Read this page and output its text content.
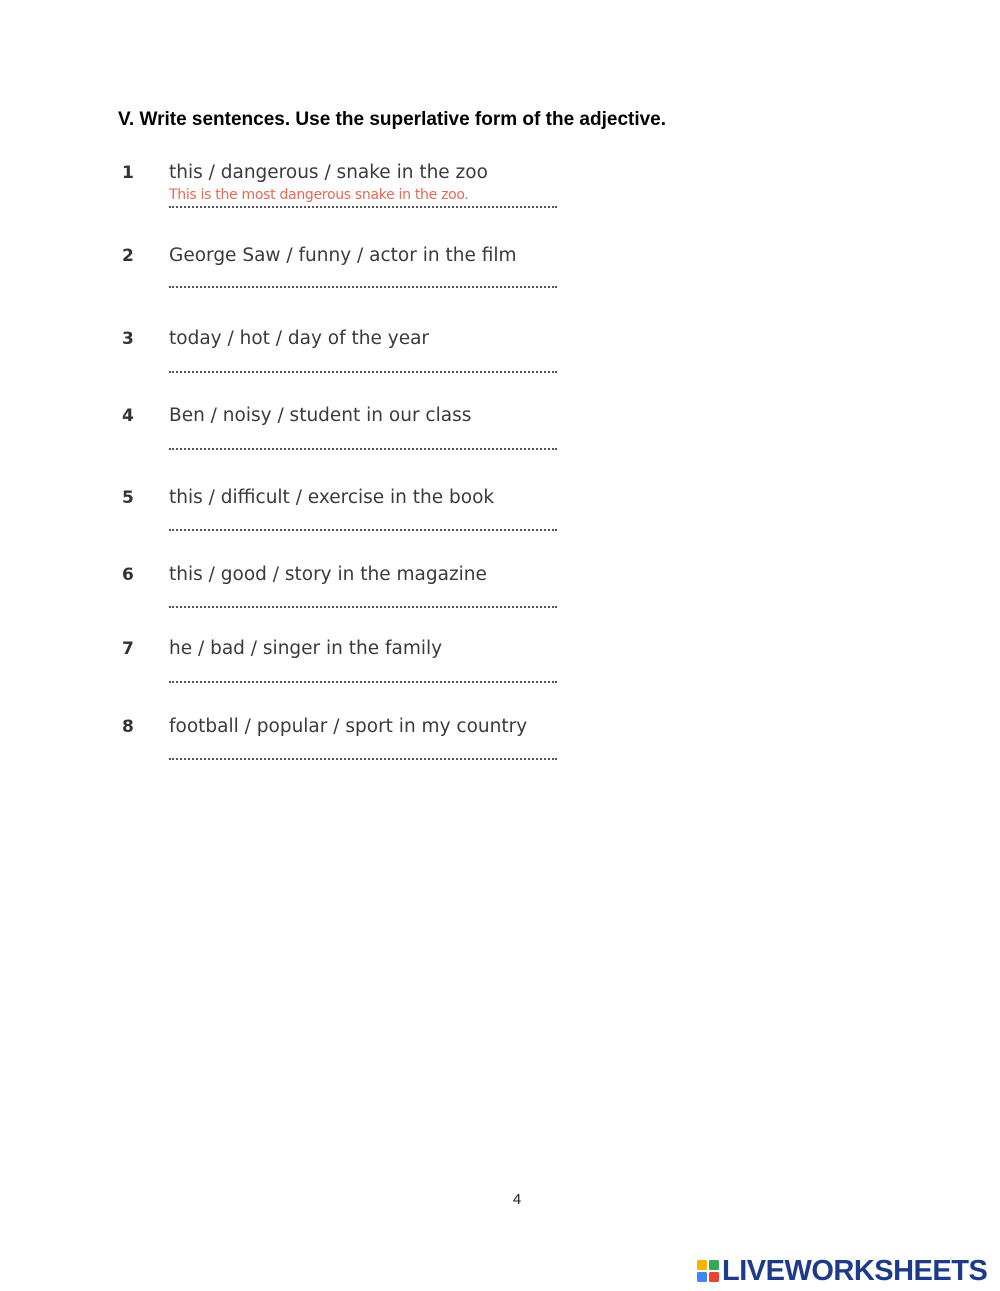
V. Write sentences. Use the superlative form of the adjective.
1 this / dangerous / snake in the zoo
This is the most dangerous snake in the zoo.
2 George Saw / funny / actor in the film
3 today / hot / day of the year
4 Ben / noisy / student in our class
5 this / difficult / exercise in the book
6 this / good / story in the magazine
7 he / bad / singer in the family
8 football / popular / sport in my country
4
LIVEWORKSHEETS
